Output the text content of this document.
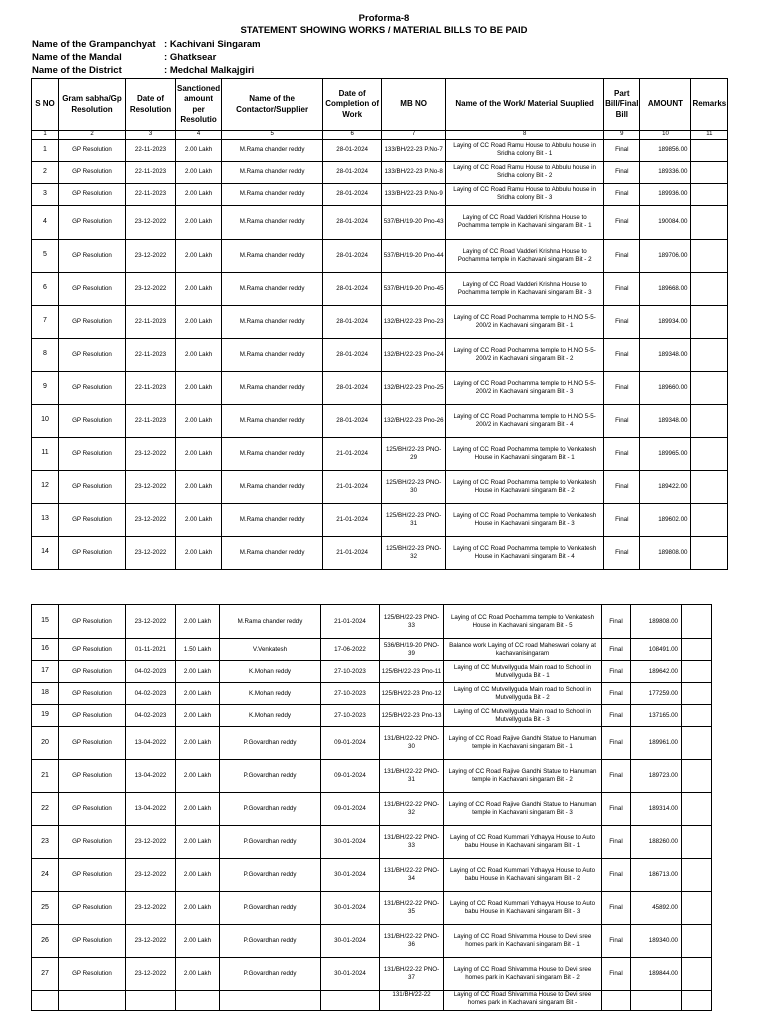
Proforma-8
STATEMENT SHOWING WORKS / MATERIAL BILLS TO BE PAID
Name of the Grampanchyat : Kachivani Singaram
Name of the Mandal	: Ghatksear
Name of the District	: Medchal Malkajgiri
S NO	Gram sabha/Gp Resolution	Date of Resolution	Sanctioned amount per Resolutio	Name of the Contactor/Supplier	Date of Completion of Work	MB NO	Name of the Work/ Material Suuplied	Part Bill/Final Bill	AMOUNT	Remarks
1	2	3	4	5	6	7	8	9	10	11
1	GP Resolution	22-11-2023	2.00 Lakh	M.Rama chander reddy	28-01-2024	133/BH/22-23 P.No-7	Laying of CC Road Ramu House to Abbulu house in Sridha colony Bit - 1	Final	189856.00	
2	GP Resolution	22-11-2023	2.00 Lakh	M.Rama chander reddy	28-01-2024	133/BH/22-23 P.No-8	Laying of CC Road Ramu House to Abbulu house in Sridha colony Bit - 2	Final	189336.00	
3	GP Resolution	22-11-2023	2.00 Lakh	M.Rama chander reddy	28-01-2024	133/BH/22-23 P.No-9	Laying of CC Road Ramu House to Abbulu house in Sridha colony Bit - 3	Final	189936.00	
4	GP Resolution	23-12-2022	2.00 Lakh	M.Rama chander reddy	28-01-2024	537/BH/19-20 Pno-43	Laying of CC Road Vadderi Krishna House to Pochamma temple in Kachavani singaram Bit - 1	Final	190084.00	
5	GP Resolution	23-12-2022	2.00 Lakh	M.Rama chander reddy	28-01-2024	537/BH/19-20 Pno-44	Laying of CC Road Vadderi Krishna House to Pochamma temple in Kachavani singaram Bit - 2	Final	189706.00	
6	GP Resolution	23-12-2022	2.00 Lakh	M.Rama chander reddy	28-01-2024	537/BH/19-20 Pno-45	Laying of CC Road Vadderi Krishna House to Pochamma temple in Kachavani singaram Bit - 3	Final	189668.00	
7	GP Resolution	22-11-2023	2.00 Lakh	M.Rama chander reddy	28-01-2024	132/BH/22-23 Pno-23	Laying of CC Road Pochamma temple to H.NO 5-5-200/2 in Kachavani singaram Bit - 1	Final	189934.00	
8	GP Resolution	22-11-2023	2.00 Lakh	M.Rama chander reddy	28-01-2024	132/BH/22-23 Pno-24	Laying of CC Road Pochamma temple to H.NO 5-5-200/2 in Kachavani singaram Bit - 2	Final	189348.00	
9	GP Resolution	22-11-2023	2.00 Lakh	M.Rama chander reddy	28-01-2024	132/BH/22-23 Pno-25	Laying of CC Road Pochamma temple to H.NO 5-5-200/2 in Kachavani singaram Bit - 3	Final	189660.00	
10	GP Resolution	22-11-2023	2.00 Lakh	M.Rama chander reddy	28-01-2024	132/BH/22-23 Pno-26	Laying of CC Road Pochamma temple to H.NO 5-5-200/2 in Kachavani singaram Bit - 4	Final	189348.00	
11	GP Resolution	23-12-2022	2.00 Lakh	M.Rama chander reddy	21-01-2024	125/BH/22-23 PNO-29	Laying of CC Road Pochamma temple to Venkatesh House in Kachavani singaram Bit - 1	Final	189965.00	
12	GP Resolution	23-12-2022	2.00 Lakh	M.Rama chander reddy	21-01-2024	125/BH/22-23 PNO-30	Laying of CC Road Pochamma temple to Venkatesh House in Kachavani singaram Bit - 2	Final	189422.00	
13	GP Resolution	23-12-2022	2.00 Lakh	M.Rama chander reddy	21-01-2024	125/BH/22-23 PNO-31	Laying of CC Road Pochamma temple to Venkatesh House in Kachavani singaram Bit - 3	Final	189602.00	
14	GP Resolution	23-12-2022	2.00 Lakh	M.Rama chander reddy	21-01-2024	125/BH/22-23 PNO-32	Laying of CC Road Pochamma temple to Venkatesh House in Kachavani singaram Bit - 4	Final	189808.00	
15	GP Resolution	23-12-2022	2.00 Lakh	M.Rama chander reddy	21-01-2024	125/BH/22-23 PNO-33	Laying of CC Road Pochamma temple to Venkatesh House in Kachavani singaram Bit - 5	Final	189808.00	
16	GP Resolution	01-11-2021	1.50 Lakh	V.Venkatesh	17-06-2022	536/BH/19-20 PNO-39	Balance work Laying of CC road Maheswari colany at kachavanisingaram	Final	108491.00	
17	GP Resolution	04-02-2023	2.00 Lakh	K.Mohan reddy	27-10-2023	125/BH/22-23 Pno-11	Laying of CC Mutvellyguda Main road to School in Mutvellyguda Bit - 1	Final	189642.00	
18	GP Resolution	04-02-2023	2.00 Lakh	K.Mohan reddy	27-10-2023	125/BH/22-23 Pno-12	Laying of CC Mutvellyguda Main road to School in Mutvellyguda Bit - 2	Final	177259.00	
19	GP Resolution	04-02-2023	2.00 Lakh	K.Mohan reddy	27-10-2023	125/BH/22-23 Pno-13	Laying of CC Mutvellyguda Main road to School in Mutvellyguda Bit - 3	Final	137165.00	
20	GP Resolution	13-04-2022	2.00 Lakh	P.Govardhan reddy	09-01-2024	131/BH/22-22 PNO-30	Laying of CC Road Rajive Gandhi Statue to Hanuman temple in Kachavani singaram Bit - 1	Final	189961.00	
21	GP Resolution	13-04-2022	2.00 Lakh	P.Govardhan reddy	09-01-2024	131/BH/22-22 PNO-31	Laying of CC Road Rajive Gandhi Statue to Hanuman temple in Kachavani singaram Bit - 2	Final	189723.00	
22	GP Resolution	13-04-2022	2.00 Lakh	P.Govardhan reddy	09-01-2024	131/BH/22-22 PNO-32	Laying of CC Road Rajive Gandhi Statue to Hanuman temple in Kachavani singaram Bit - 3	Final	189314.00	
23	GP Resolution	23-12-2022	2.00 Lakh	P.Govardhan reddy	30-01-2024	131/BH/22-22 PNO-33	Laying of CC Road Kummari Ydhayya House to Auto babu House in Kachavani singaram Bit - 1	Final	188260.00	
24	GP Resolution	23-12-2022	2.00 Lakh	P.Govardhan reddy	30-01-2024	131/BH/22-22 PNO-34	Laying of CC Road Kummari Ydhayya House to Auto babu House in Kachavani singaram Bit - 2	Final	186713.00	
25	GP Resolution	23-12-2022	2.00 Lakh	P.Govardhan reddy	30-01-2024	131/BH/22-22 PNO-35	Laying of CC Road Kummari Ydhayya House to Auto babu House in Kachavani singaram Bit - 3	Final	45892.00	
26	GP Resolution	23-12-2022	2.00 Lakh	P.Govardhan reddy	30-01-2024	131/BH/22-22 PNO-36	Laying of CC Road Shivamma House to Devi sree homes park in Kachavani singaram Bit - 1	Final	189340.00	
27	GP Resolution	23-12-2022	2.00 Lakh	P.Govardhan reddy	30-01-2024	131/BH/22-22 PNO-37	Laying of CC Road Shivamma House to Devi sree homes park in Kachavani singaram Bit - 2	Final	189844.00	
						131/BH/22-22	Laying of CC Road Shivamma House to Devi sree homes park in Kachavani singaram Bit -			
